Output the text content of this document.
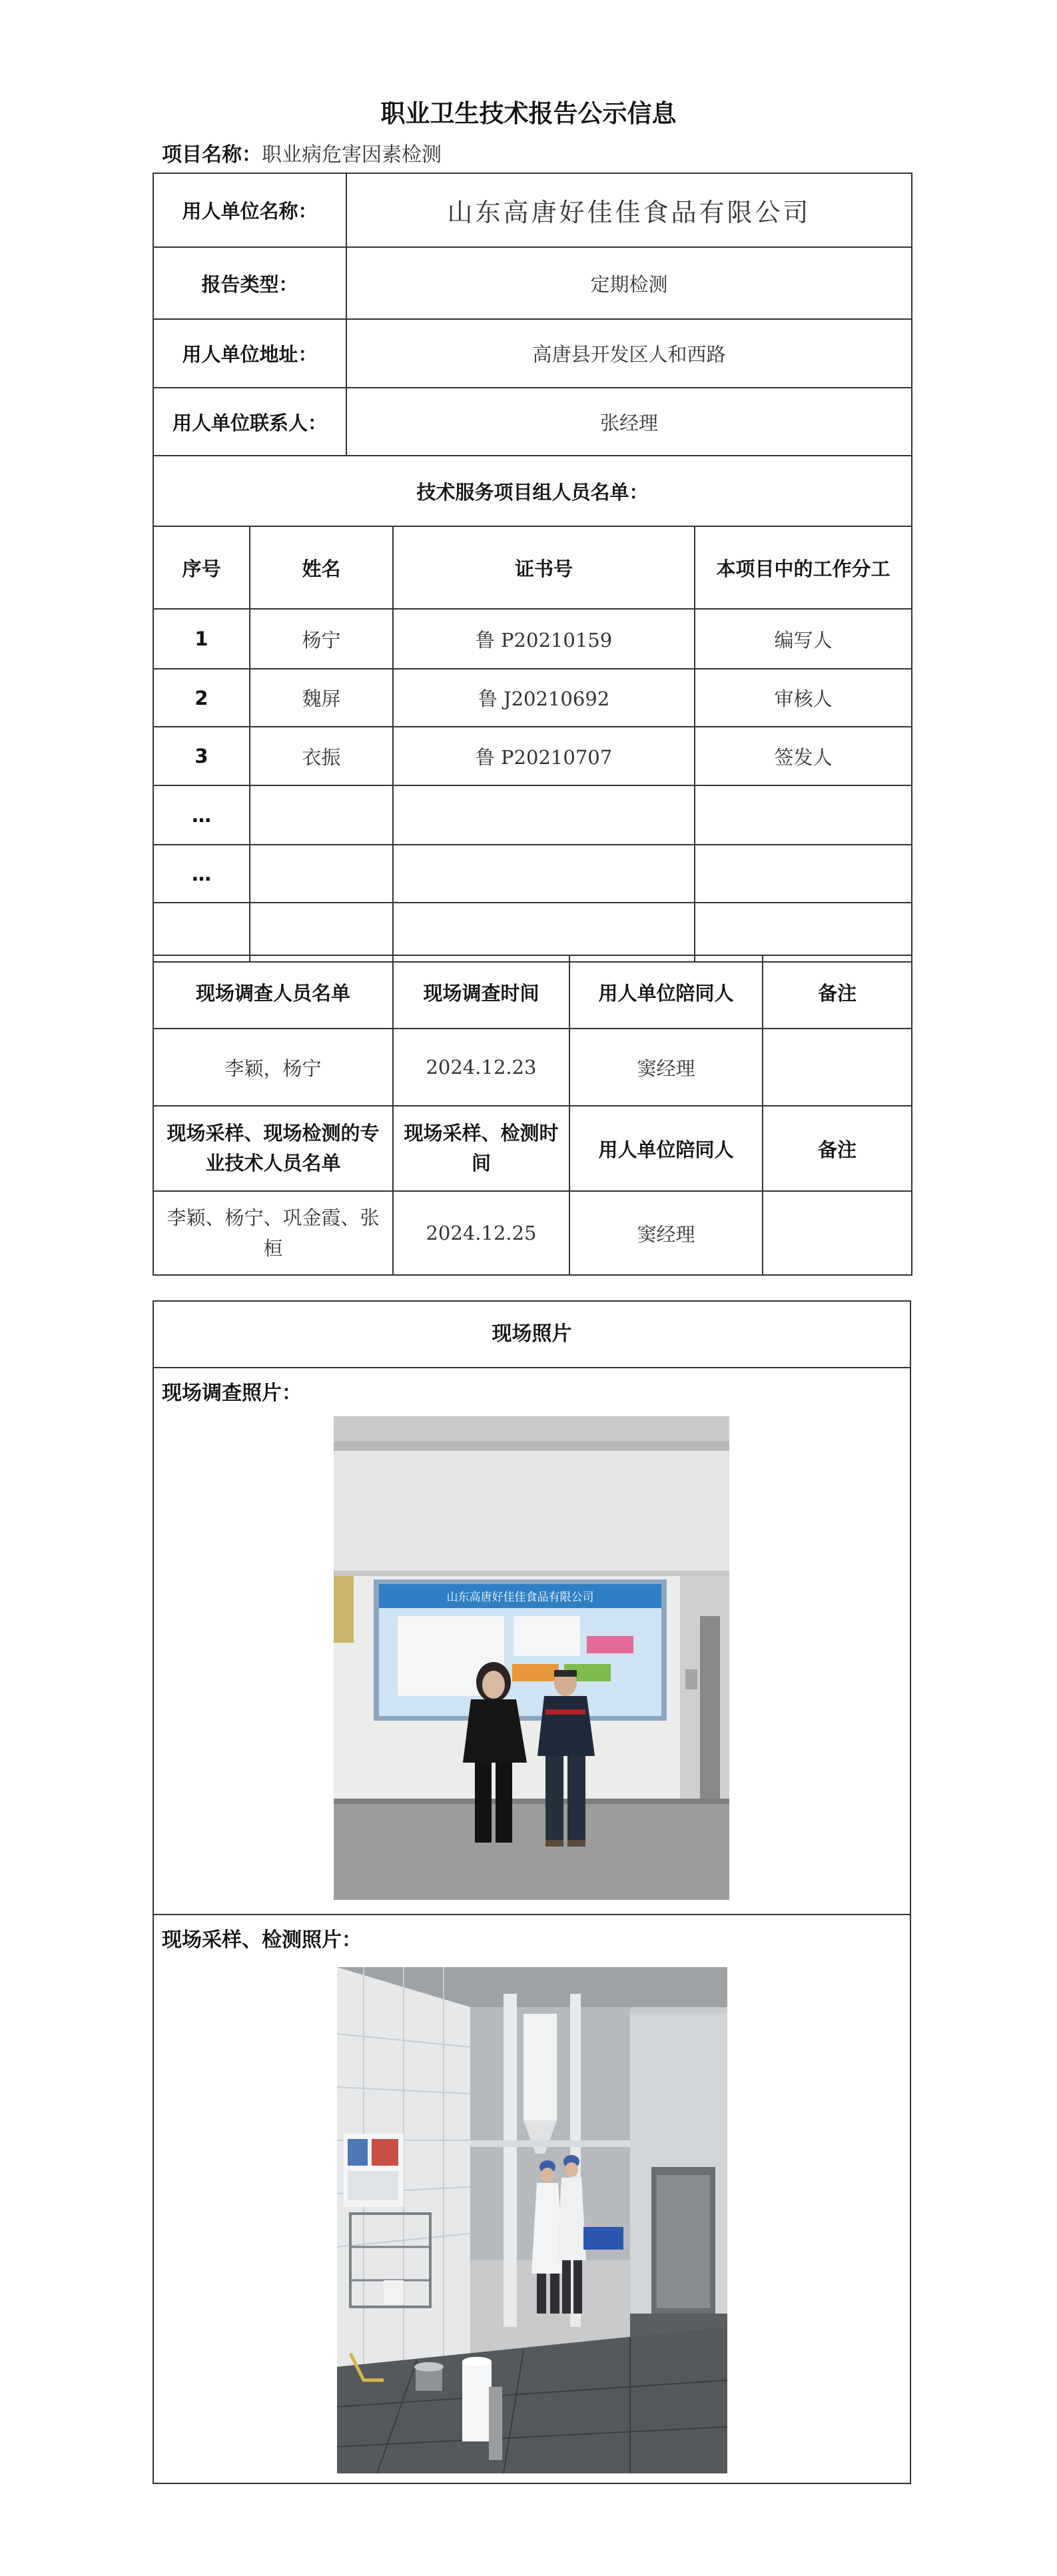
职业卫生技术报告公示信息
项目名称：职业病危害因素检测
用人单位名称：	山东高唐好佳佳食品有限公司
报告类型：	定期检测
用人单位地址：	高唐县开发区人和西路
用人单位联系人：	张经理
技术服务项目组人员名单：			
序号	姓名	证书号	本项目中的工作分工
1	杨宁	鲁 P20210159	编写人
2	魏屏	鲁 J20210692	审核人
3	衣振	鲁 P20210707	签发人
…			
…			

现场调查人员名单	现场调查时间	用人单位陪同人	备注
李颖，杨宁	2024.12.23	窦经理	
现场采样、现场检测的专业技术人员名单	现场采样、检测时间	用人单位陪同人	备注
李颖、杨宁、巩金霞、张桓	2024.12.25	窦经理	
现场照片
现场调查照片：
山东高唐好佳佳食品有限公司
现场采样、检测照片：
